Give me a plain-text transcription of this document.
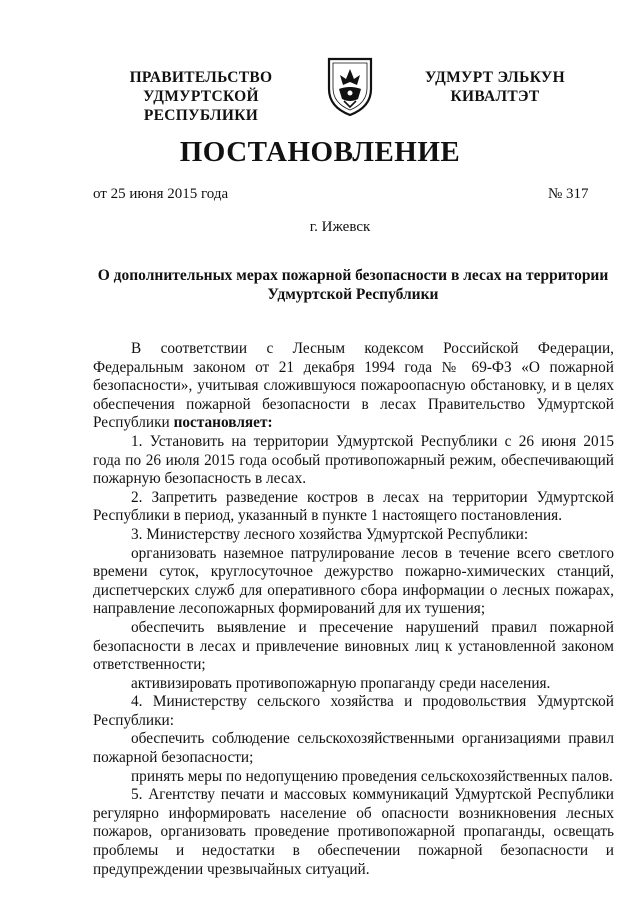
ПРАВИТЕЛЬСТВО
УДМУРТСКОЙ РЕСПУБЛИКИ
УДМУРТ ЭЛЬКУН
КИВАЛТЭТ
ПОСТАНОВЛЕНИЕ
от 25 июня 2015 года	№ 317
г. Ижевск
О дополнительных мерах пожарной безопасности в лесах на территории Удмуртской Республики

В соответствии с Лесным кодексом Российской Федерации, Федеральным законом от 21 декабря 1994 года № 69-ФЗ «О пожарной безопасности», учитывая сложившуюся пожароопасную обстановку, и в целях обеспечения пожарной безопасности в лесах Правительство Удмуртской Республики постановляет:

1. Установить на территории Удмуртской Республики с 26 июня 2015 года по 26 июля 2015 года особый противопожарный режим, обеспечивающий пожарную безопасность в лесах.

2. Запретить разведение костров в лесах на территории Удмуртской Республики в период, указанный в пункте 1 настоящего постановления.

3. Министерству лесного хозяйства Удмуртской Республики:

организовать наземное патрулирование лесов в течение всего светлого времени суток, круглосуточное дежурство пожарно-химических станций, диспетчерских служб для оперативного сбора информации о лесных пожарах, направление лесопожарных формирований для их тушения;

обеспечить выявление и пресечение нарушений правил пожарной безопасности в лесах и привлечение виновных лиц к установленной законом ответственности;

активизировать противопожарную пропаганду среди населения.

4. Министерству сельского хозяйства и продовольствия Удмуртской Республики:

обеспечить соблюдение сельскохозяйственными организациями правил пожарной безопасности;

принять меры по недопущению проведения сельскохозяйственных палов.

5. Агентству печати и массовых коммуникаций Удмуртской Республики регулярно информировать население об опасности возникновения лесных пожаров, организовать проведение противопожарной пропаганды, освещать проблемы и недостатки в обеспечении пожарной безопасности и предупреждении чрезвычайных ситуаций.
